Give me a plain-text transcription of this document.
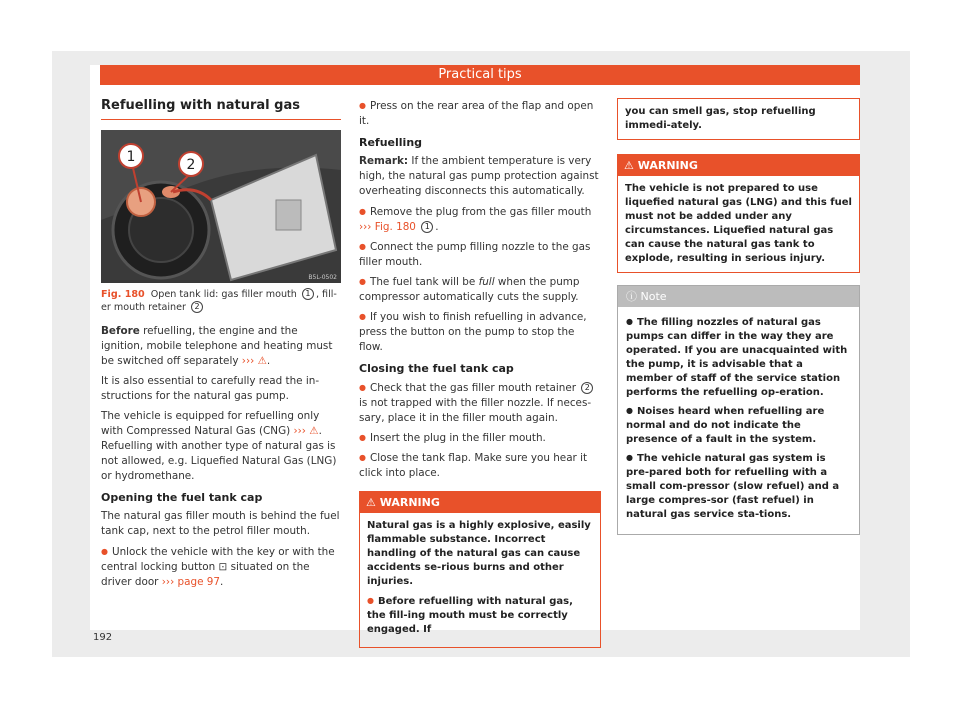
Practical tips
Refuelling with natural gas
1	2
B5L-0502
Fig. 180 Open tank lid: gas filler mouth 1 , fill-er mouth retainer 2

Before refuelling, the engine and the ignition, mobile telephone and heating must be switched off separately ››› ⚠.

It is also essential to carefully read the in-structions for the natural gas pump.

The vehicle is equipped for refuelling only with Compressed Natural Gas (CNG) ››› ⚠. Refuelling with another type of natural gas is not allowed, e.g. Liquefied Natural Gas (LNG) or hydromethane.

Opening the fuel tank cap

The natural gas filler mouth is behind the fuel tank cap, next to the petrol filler mouth.

● Unlock the vehicle with the key or with the central locking button ⊡ situated on the driver door ››› page 97.
● Press on the rear area of the flap and open it.
Refuelling

Remark: If the ambient temperature is very high, the natural gas pump protection against overheating disconnects this automatically.

● Remove the plug from the gas filler mouth ››› Fig. 180 1 .
● Connect the pump filling nozzle to the gas filler mouth.
● The fuel tank will be full when the pump compressor automatically cuts the supply.
● If you wish to finish refuelling in advance, press the button on the pump to stop the flow.
Closing the fuel tank cap
● Check that the gas filler mouth retainer 2 is not trapped with the filler nozzle. If neces-sary, place it in the filler mouth again.
● Insert the plug in the filler mouth.
● Close the tank flap. Make sure you hear it click into place.
⚠ WARNING

Natural gas is a highly explosive, easily flammable substance. Incorrect handling of the natural gas can cause accidents se-rious burns and other injuries.

● Before refuelling with natural gas, the fill-ing mouth must be correctly engaged. If
you can smell gas, stop refuelling immedi-ately.
⚠ WARNING
The vehicle is not prepared to use liquefied natural gas (LNG) and this fuel must not be added under any circumstances. Liquefied natural gas can cause the natural gas tank to explode, resulting in serious injury.
ⓘ Note
● The filling nozzles of natural gas pumps can differ in the way they are operated. If you are unacquainted with the pump, it is advisable that a member of staff of the service station performs the refuelling op-eration.
● Noises heard when refuelling are normal and do not indicate the presence of a fault in the system.
● The vehicle natural gas system is pre-pared both for refuelling with a small com-pressor (slow refuel) and a large compres-sor (fast refuel) in natural gas service sta-tions.
192
